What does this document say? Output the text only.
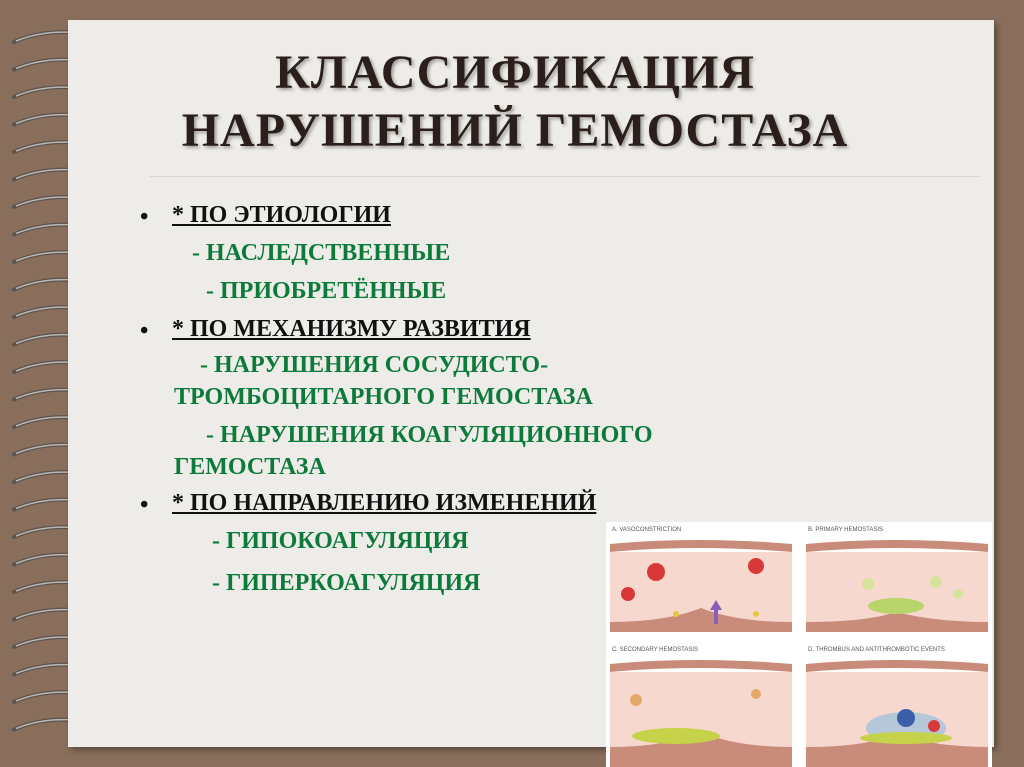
КЛАССИФИКАЦИЯ
НАРУШЕНИЙ ГЕМОСТАЗА
• * ПО ЭТИОЛОГИИ
- НАСЛЕДСТВЕННЫЕ
- ПРИОБРЕТЁННЫЕ
• * ПО МЕХАНИЗМУ РАЗВИТИЯ
- НАРУШЕНИЯ СОСУДИСТО-
ТРОМБОЦИТАРНОГО ГЕМОСТАЗА
- НАРУШЕНИЯ КОАГУЛЯЦИОННОГО
ГЕМОСТАЗА
• * ПО НАПРАВЛЕНИЮ ИЗМЕНЕНИЙ
- ГИПОКОАГУЛЯЦИЯ
- ГИПЕРКОАГУЛЯЦИЯ
A. VASOCONSTRICTION	B. PRIMARY HEMOSTASIS
C. SECONDARY HEMOSTASIS	D. THROMBUS AND ANTITHROMBOTIC EVENTS
